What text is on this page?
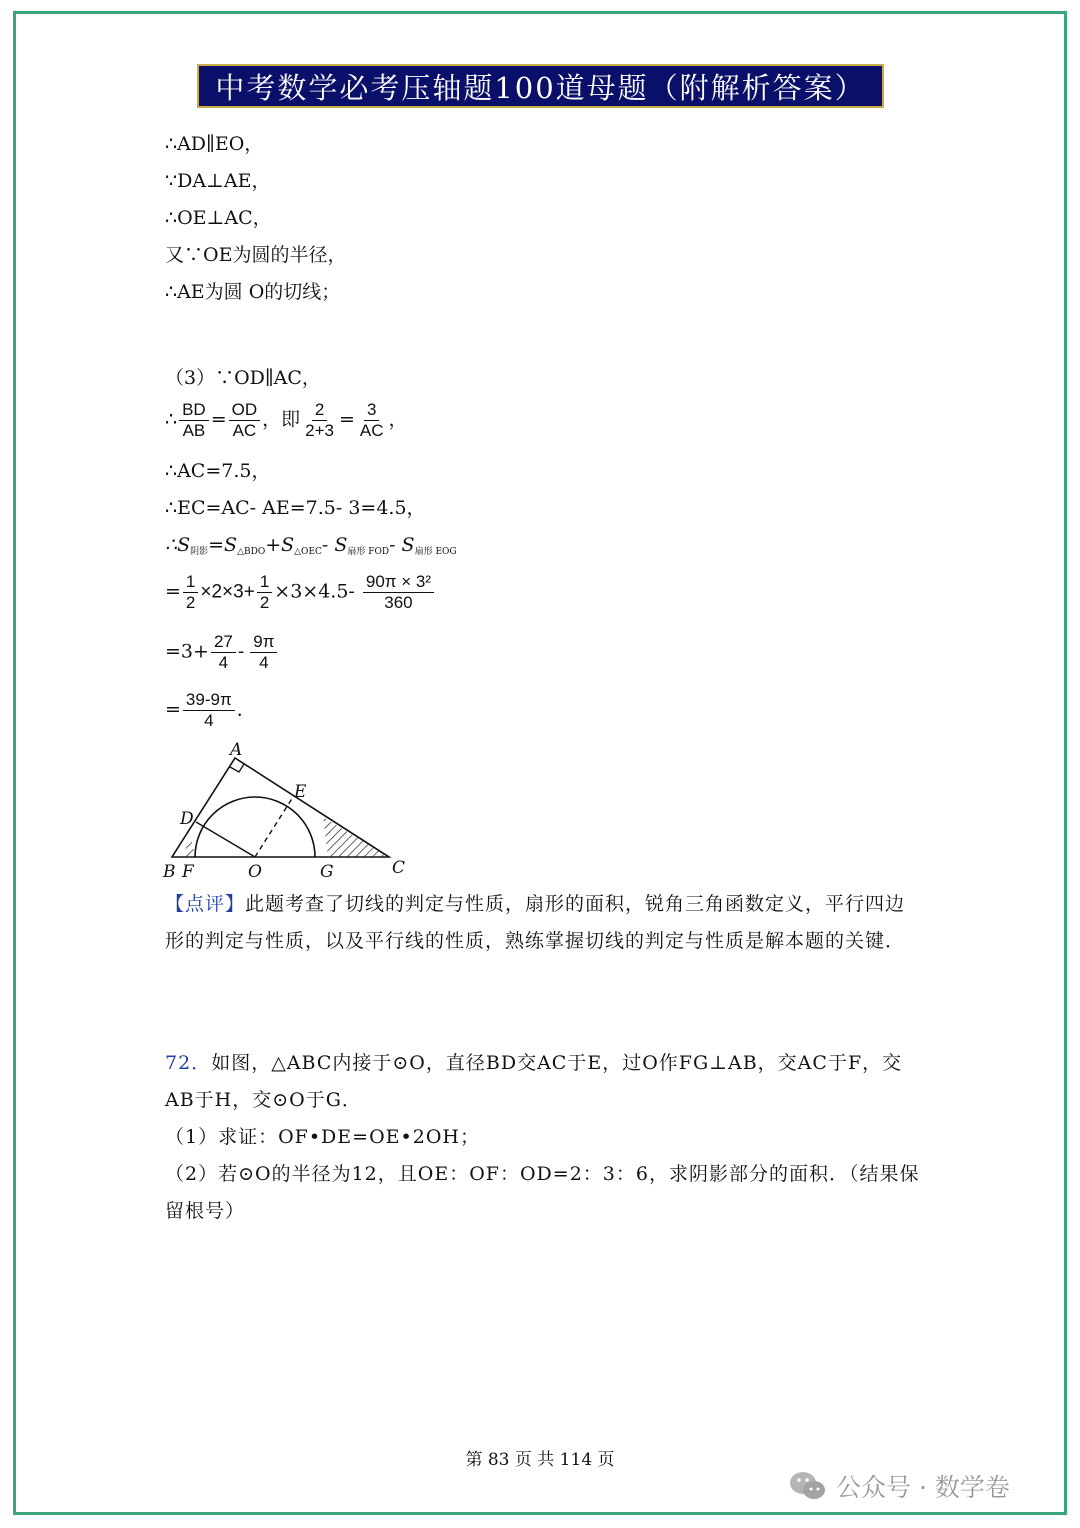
中考数学必考压轴题100道母题（附解析答案）
∴AD∥EO，
∵DA⊥AE，
∴OE⊥AC，
又∵OE为圆的半径，
∴AE为圆 O的切线；
（3）∵OD∥AC，
∴ $\frac{BD}{AB} = \frac{OD}{AC}$ ，即 $\frac{2}{2+3} = \frac{3}{AC}$ ，
∴AC=7.5，
∴EC=AC- AE=7.5- 3=4.5，
$\therefore S_{阴影}=S_{\triangle BDO}+S_{\triangle OEC}-$ $S_{扇形 FOD}-$ $S_{扇形 EOG}$
= $\frac{1}{2} \times 2\times 3+ \frac{1}{2} \times 3\times 4.5- \frac{\text{90π × 3²}}{360}$
$=3+ \frac{27}{4} - \frac{9\pi}{4}$
= $\frac{39-9\pi}{4}$ ．
A
D
E
B F	O	G	C
【点评】此题考查了切线的判定与性质，扇形的面积，锐角三角函数定义，平行四边形的判定与性质，以及平行线的性质，熟练掌握切线的判定与性质是解本题的关键．
72．如图，△ABC内接于⊙O，直径BD交AC于E，过O作FG⊥AB，交AC于F，交AB于H，交⊙O于G．
（1）求证：OF•DE=OE•2OH；
（2）若⊙O的半径为12，且OE：OF：OD=2：3：6，求阴影部分的面积．（结果保留根号）
第 83 页 共 114 页
公众号 · 数学卷
